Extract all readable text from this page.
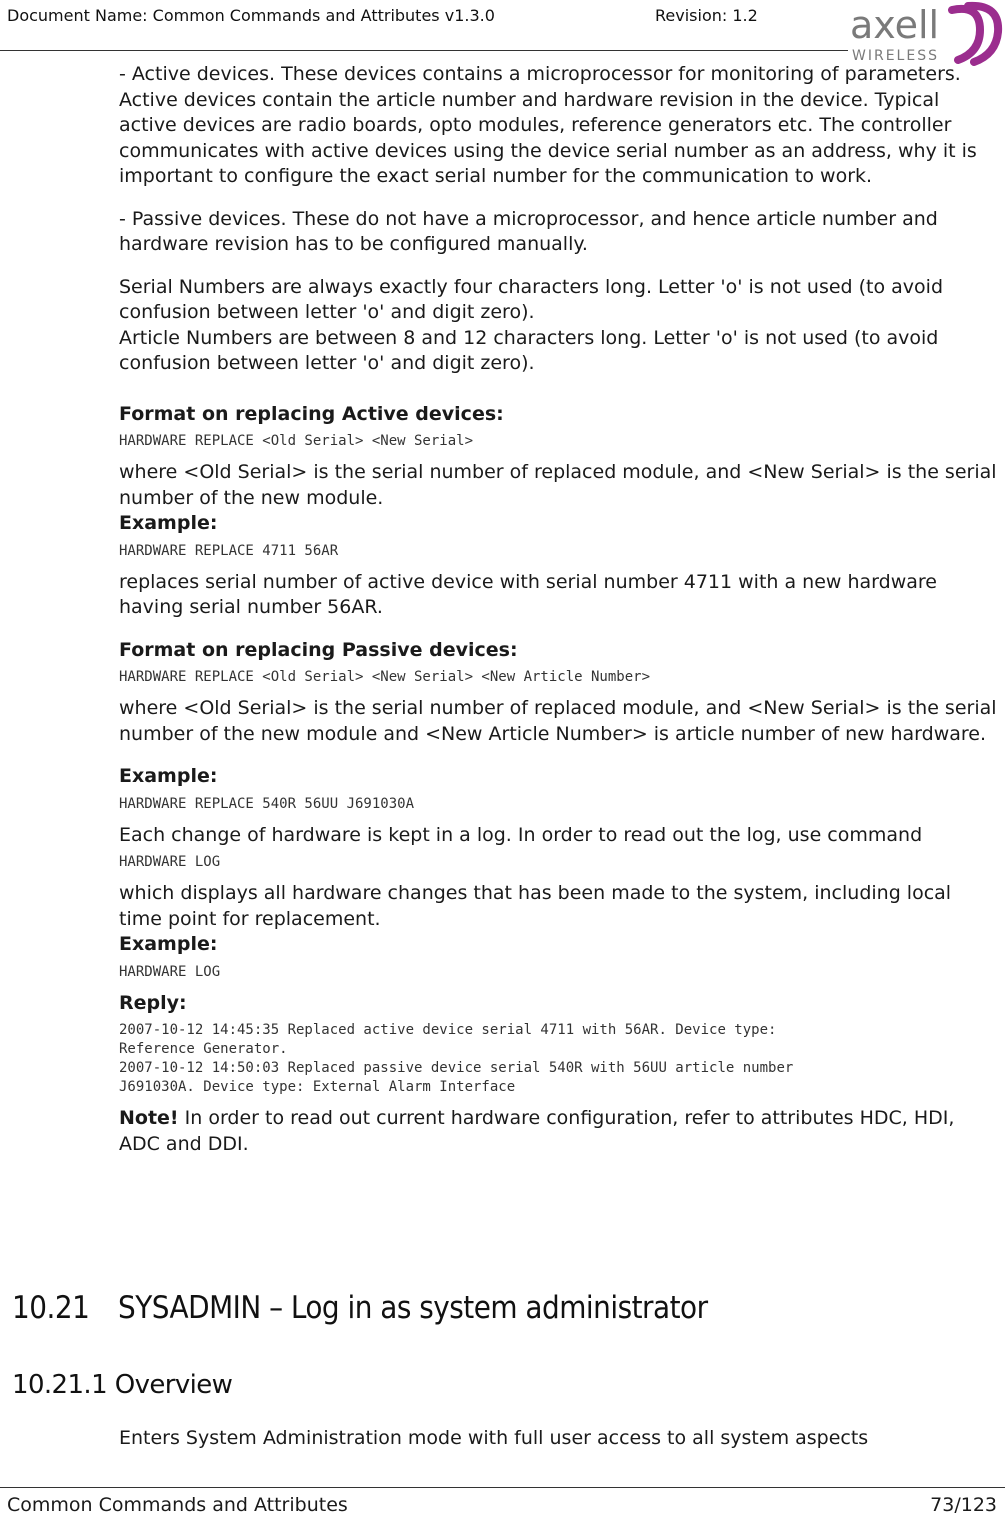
Document Name: Common Commands and Attributes v1.3.0	Revision: 1.2 axell
WIRELESS

- Active devices. These devices contains a microprocessor for monitoring of parameters. Active devices contain the article number and hardware revision in the device. Typical active devices are radio boards, opto modules, reference generators etc. The controller communicates with active devices using the device serial number as an address, why it is important to configure the exact serial number for the communication to work.

- Passive devices. These do not have a microprocessor, and hence article number and hardware revision has to be configured manually.

Serial Numbers are always exactly four characters long. Letter 'o' is not used (to avoid confusion between letter 'o' and digit zero).

Article Numbers are between 8 and 12 characters long. Letter 'o' is not used (to avoid confusion between letter 'o' and digit zero).

Format on replacing Active devices:

HARDWARE REPLACE <Old Serial> <New Serial>

where <Old Serial> is the serial number of replaced module, and <New Serial> is the serial number of the new module.

Example:

HARDWARE REPLACE 4711 56AR

replaces serial number of active device with serial number 4711 with a new hardware having serial number 56AR.

Format on replacing Passive devices:

HARDWARE REPLACE <Old Serial> <New Serial> <New Article Number>

where <Old Serial> is the serial number of replaced module, and <New Serial> is the serial number of the new module and <New Article Number> is article number of new hardware.

Example:

HARDWARE REPLACE 540R 56UU J691030A

Each change of hardware is kept in a log. In order to read out the log, use command

HARDWARE LOG

which displays all hardware changes that has been made to the system, including local time point for replacement.

Example:

HARDWARE LOG

Reply:

2007-10-12 14:45:35 Replaced active device serial 4711 with 56AR. Device type:

Reference Generator.

2007-10-12 14:50:03 Replaced passive device serial 540R with 56UU article number

J691030A. Device type: External Alarm Interface

Note! In order to read out current hardware configuration, refer to attributes HDC, HDI, ADC and DDI.

10.21 SYSADMIN – Log in as system administrator
10.21.1 Overview

Enters System Administration mode with full user access to all system aspects

Common Commands and Attributes	73/123
